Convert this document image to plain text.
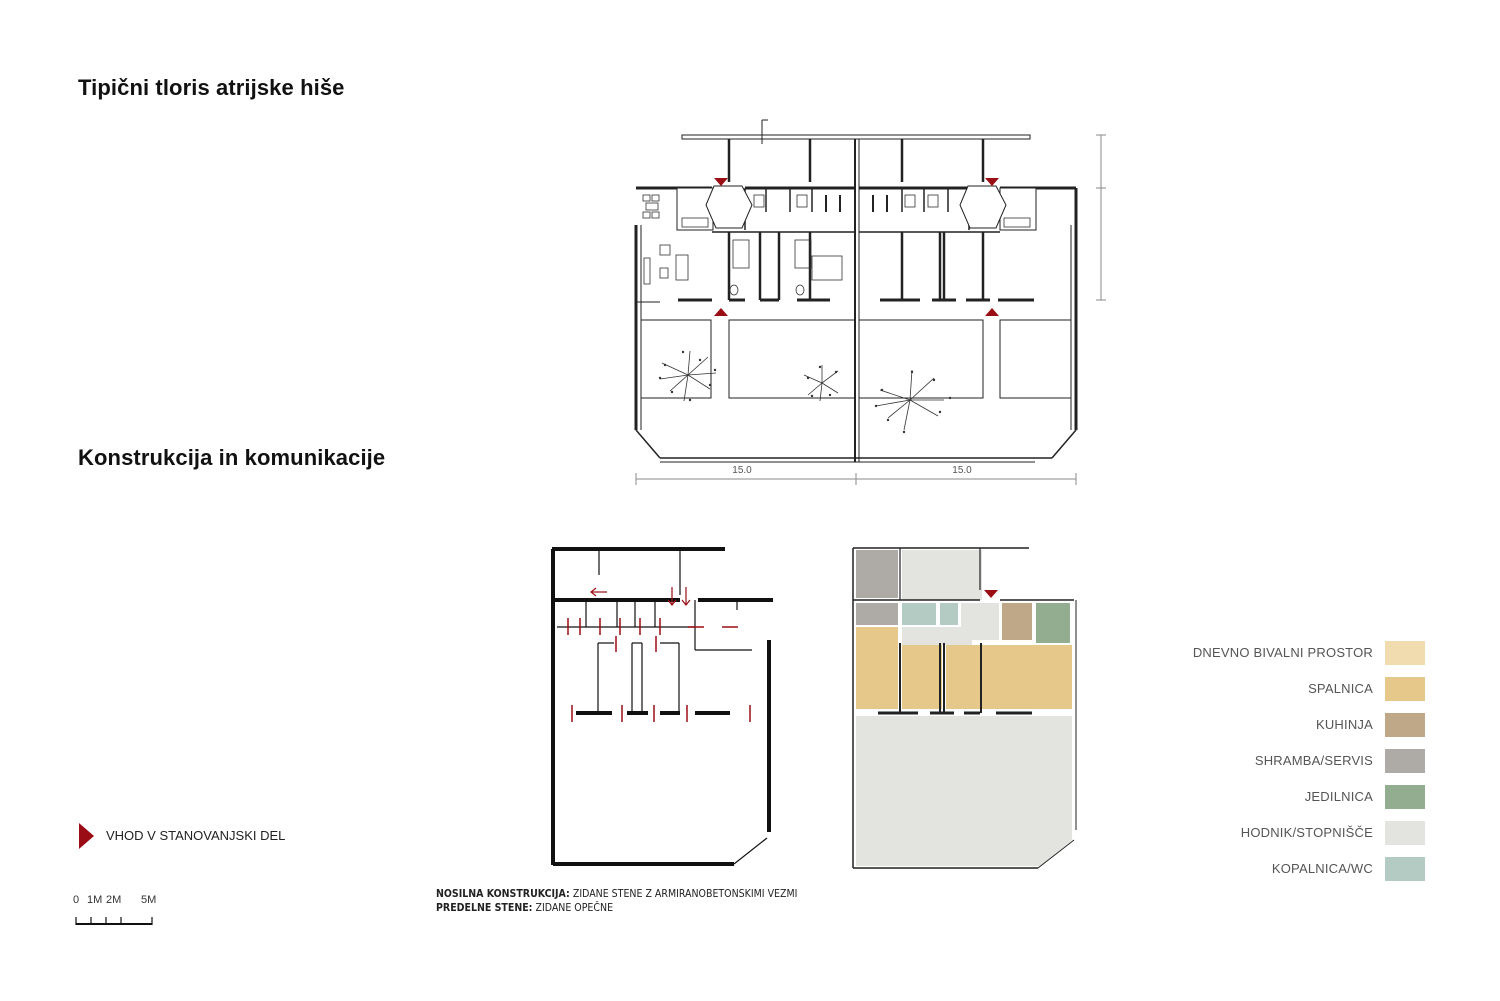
Tipični tloris atrijske hiše
Konstrukcija in komunikacije
15.0	15.0
DNEVNO BIVALNI PROSTOR
SPALNICA
KUHINJA
SHRAMBA/SERVIS
JEDILNICA
HODNIK/STOPNIŠČE
KOPALNICA/WC
VHOD V STANOVANJSKI DEL
0 1M 2M 5M	NOSILNA KONSTRUKCIJA: ZIDANE STENE Z ARMIRANOBETONSKIMI VEZMI
PREDELNE STENE: ZIDANE OPEČNE
